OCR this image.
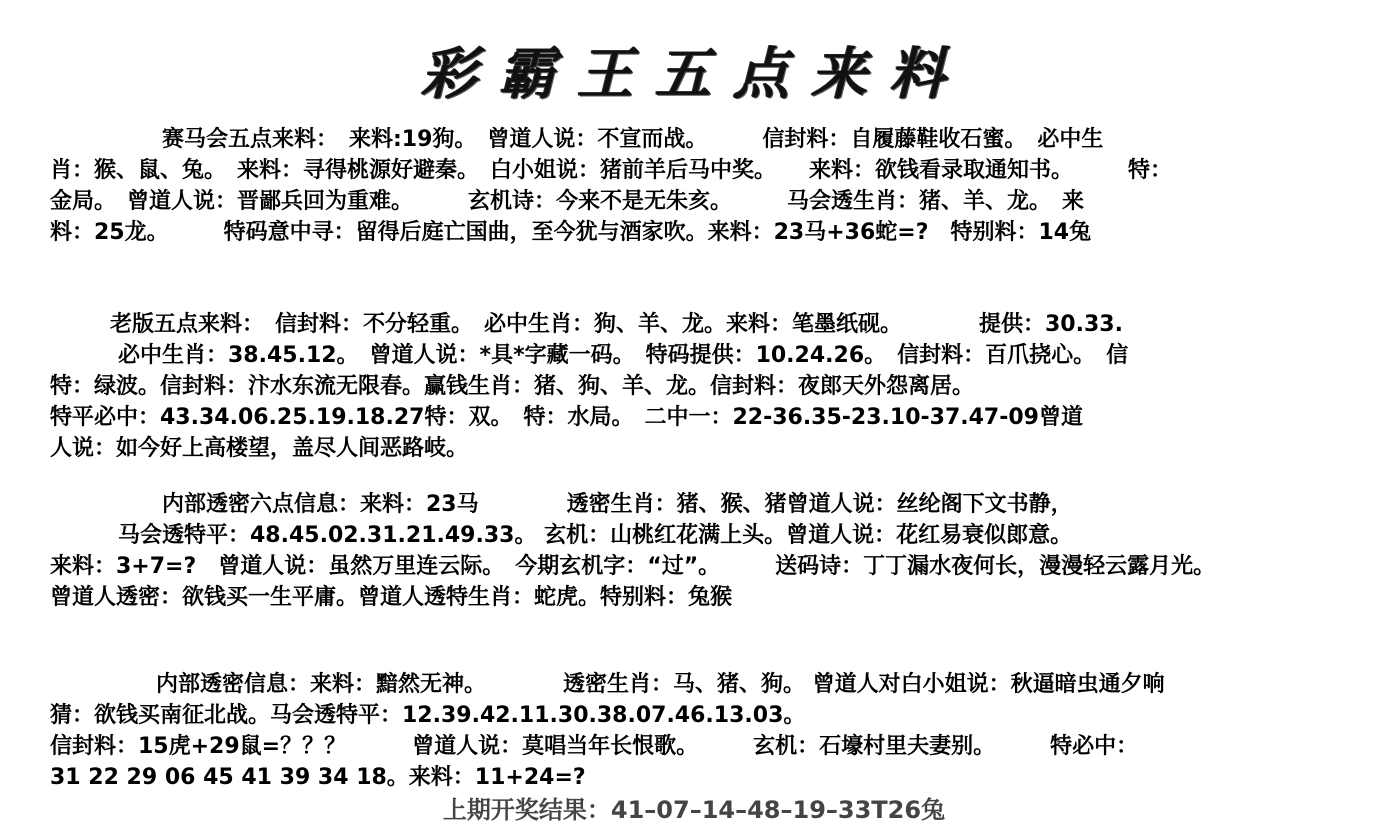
彩霸王五点来料
赛马会五点来料：　来料:19狗。　曾道人说：不宣而战。　　　信封料：自履藤鞋收石蜜。　必中生
肖：猴、鼠、兔。　来料：寻得桃源好避秦。　白小姐说：猪前羊后马中奖。　　来料：欲钱看录取通知书。　　　特：
金局。　曾道人说：晋鄙兵回为重难。　　　玄机诗：今来不是无朱亥。　　　马会透生肖：猪、羊、龙。　来
料：25龙。　　　特码意中寻：留得后庭亡国曲，至今犹与酒家吹。来料：23马+36蛇=?　特别料：14兔
老版五点来料：　信封料：不分轻重。　必中生肖：狗、羊、龙。来料：笔墨纸砚。　　　　提供：30.33.
必中生肖：38.45.12。　曾道人说：*具*字藏一码。　特码提供：10.24.26。　信封料：百爪挠心。　信
特：绿波。信封料：汴水东流无限春。赢钱生肖：猪、狗、羊、龙。信封料：夜郎天外怨离居。
特平必中：43.34.06.25.19.18.27特：双。　特：水局。　二中一：22-36.35-23.10-37.47-09曾道
人说：如今好上高楼望，盖尽人间恶路岐。
内部透密六点信息：来料：23马　　　　透密生肖：猪、猴、猪曾道人说：丝纶阁下文书静，
马会透特平：48.45.02.31.21.49.33。 玄机：山桃红花满上头。曾道人说：花红易衰似郎意。
来料：3+7=?　曾道人说：虽然万里连云际。　今期玄机字：“过”。　　　送码诗：丁丁漏水夜何长，漫漫轻云露月光。
曾道人透密：欲钱买一生平庸。曾道人透特生肖：蛇虎。特别料：兔猴
内部透密信息：来料：黯然无神。　　　　透密生肖：马、猪、狗。 曾道人对白小姐说：秋逼暗虫通夕响
猜：欲钱买南征北战。马会透特平：12.39.42.11.30.38.07.46.13.03。
信封料：15虎+29鼠=？？？　　　曾道人说：莫唱当年长恨歌。　　　玄机：石壕村里夫妻别。　　　特必中：
31 22 29 06 45 41 39 34 18。来料：11+24=?
上期开奖结果：41–07–14–48–19–33T26兔
